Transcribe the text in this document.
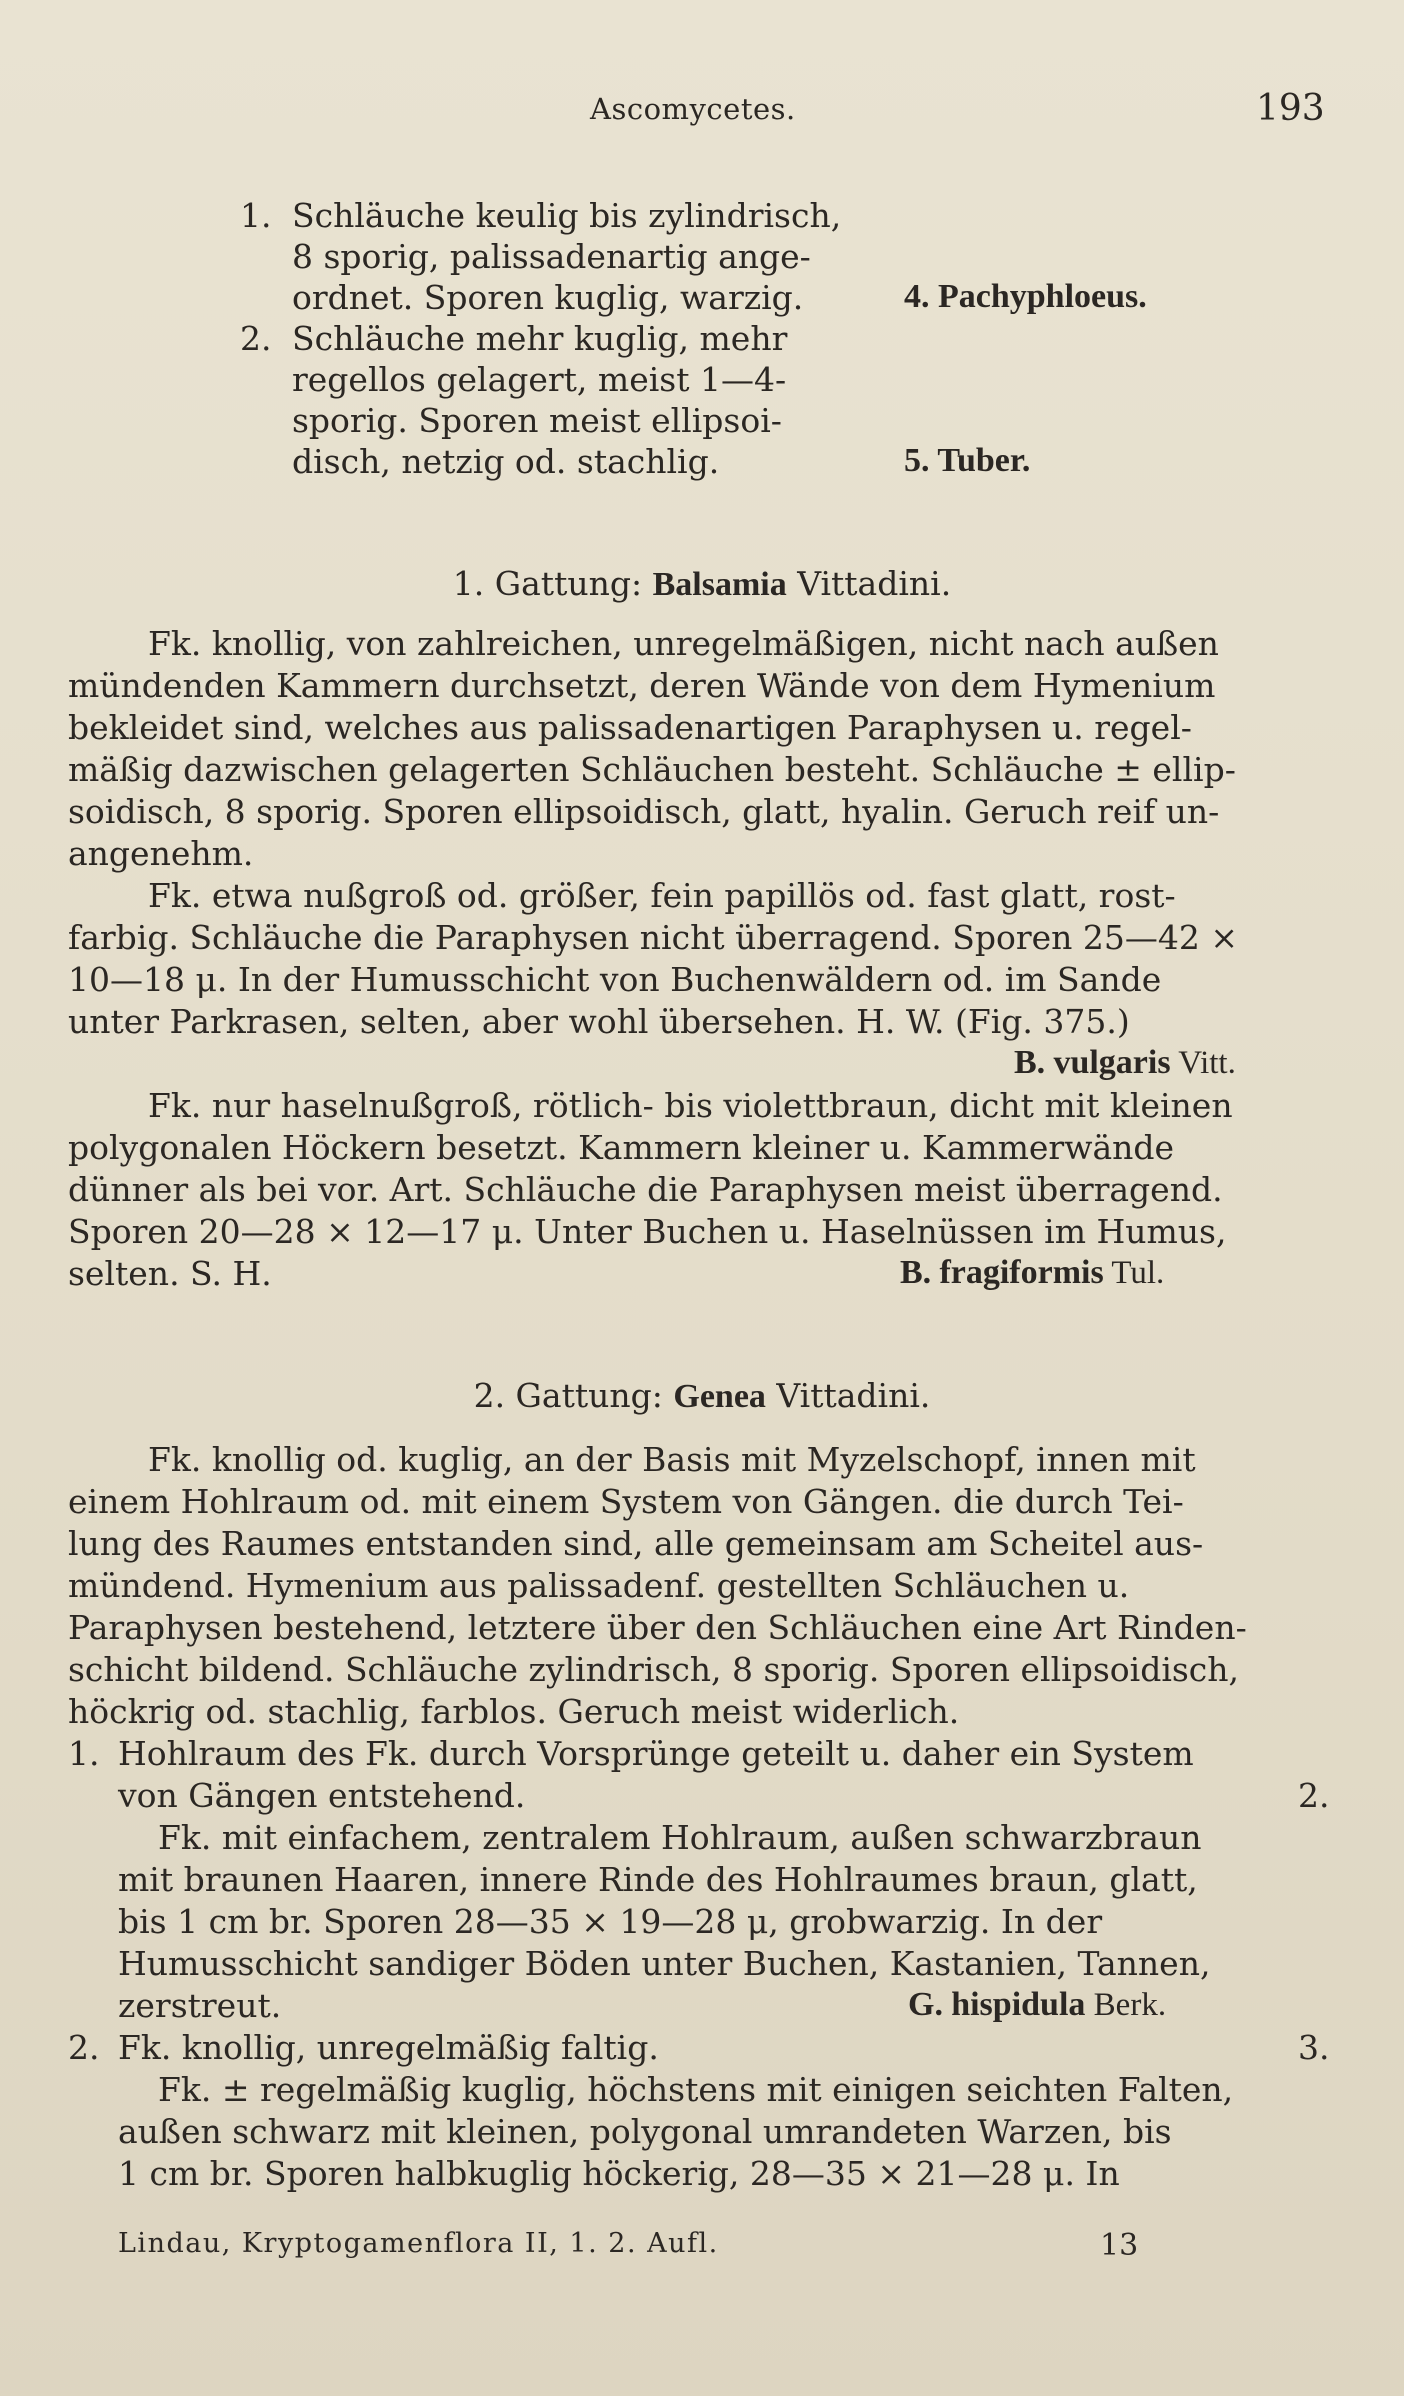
Ascomycetes.	193
1. Schläuche keulig bis zylindrisch,
8 sporig, palissadenartig ange-
ordnet. Sporen kuglig, warzig.	4. Pachyphloeus.
2. Schläuche mehr kuglig, mehr
regellos gelagert, meist 1—4-
sporig. Sporen meist ellipsoi-
disch, netzig od. stachlig.	5. Tuber.
1. Gattung: Balsamia Vittadini.
Fk. knollig, von zahlreichen, unregelmäßigen, nicht nach außen
mündenden Kammern durchsetzt, deren Wände von dem Hymenium
bekleidet sind, welches aus palissadenartigen Paraphysen u. regel-
mäßig dazwischen gelagerten Schläuchen besteht. Schläuche ± ellip-
soidisch, 8 sporig. Sporen ellipsoidisch, glatt, hyalin. Geruch reif un-
angenehm.
Fk. etwa nußgroß od. größer, fein papillös od. fast glatt, rost-
farbig. Schläuche die Paraphysen nicht überragend. Sporen 25—42 ×
10—18 μ. In der Humusschicht von Buchenwäldern od. im Sande
unter Parkrasen, selten, aber wohl übersehen. H. W. (Fig. 375.)
B. vulgaris Vitt.
Fk. nur haselnußgroß, rötlich- bis violettbraun, dicht mit kleinen
polygonalen Höckern besetzt. Kammern kleiner u. Kammerwände
dünner als bei vor. Art. Schläuche die Paraphysen meist überragend.
Sporen 20—28 × 12—17 μ. Unter Buchen u. Haselnüssen im Humus,
selten. S. H.	B. fragiformis Tul.
2. Gattung: Genea Vittadini.
Fk. knollig od. kuglig, an der Basis mit Myzelschopf, innen mit
einem Hohlraum od. mit einem System von Gängen. die durch Tei-
lung des Raumes entstanden sind, alle gemeinsam am Scheitel aus-
mündend. Hymenium aus palissadenf. gestellten Schläuchen u.
Paraphysen bestehend, letztere über den Schläuchen eine Art Rinden-
schicht bildend. Schläuche zylindrisch, 8 sporig. Sporen ellipsoidisch,
höckrig od. stachlig, farblos. Geruch meist widerlich.
1. Hohlraum des Fk. durch Vorsprünge geteilt u. daher ein System
von Gängen entstehend.	2.
Fk. mit einfachem, zentralem Hohlraum, außen schwarzbraun
mit braunen Haaren, innere Rinde des Hohlraumes braun, glatt,
bis 1 cm br. Sporen 28—35 × 19—28 μ, grobwarzig. In der
Humusschicht sandiger Böden unter Buchen, Kastanien, Tannen,
zerstreut.	G. hispidula Berk.
2. Fk. knollig, unregelmäßig faltig.	3.
Fk. ± regelmäßig kuglig, höchstens mit einigen seichten Falten,
außen schwarz mit kleinen, polygonal umrandeten Warzen, bis
1 cm br. Sporen halbkuglig höckerig, 28—35 × 21—28 μ. In
Lindau, Kryptogamenflora II, 1. 2. Aufl.	13
